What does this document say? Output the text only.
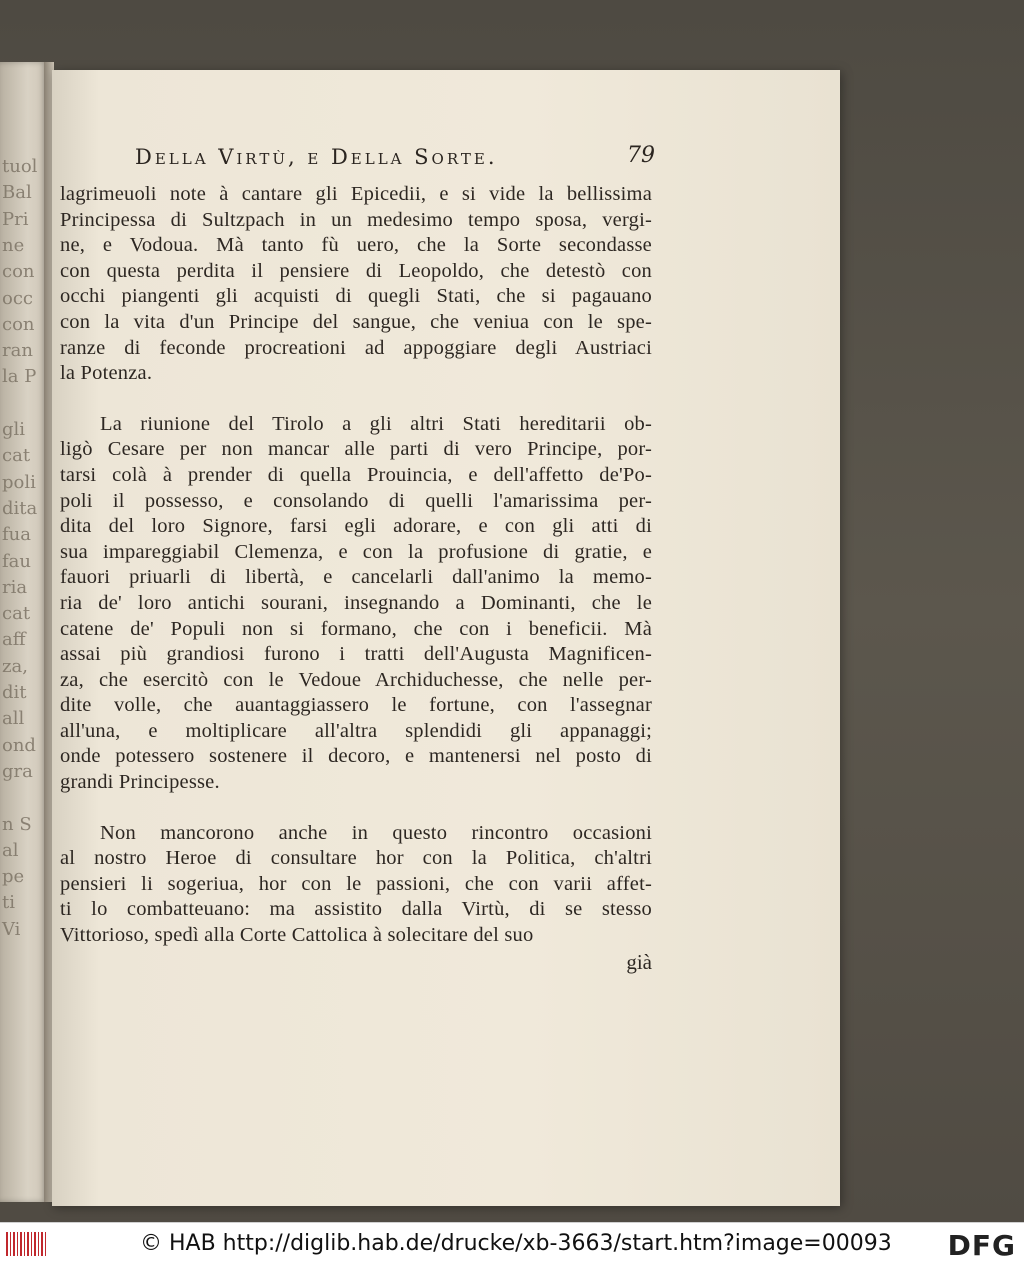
tuol
Bal
Pri
ne
con
occ
con
ran
la P
gli
cat
poli
dita
fua
fau
ria
cat
aff
za,
dit
all
ond
gra
n S
al
pe
ti
Vi
Della Virtù, e Della Sorte.	79
lagrimeuoli note à cantare gli Epicedii, e si vide la bellissima
Principessa di Sultzpach in un medesimo tempo sposa, vergi-
ne, e Vodoua. Mà tanto fù uero, che la Sorte secondasse
con questa perdita il pensiere di Leopoldo, che detestò con
occhi piangenti gli acquisti di quegli Stati, che si pagauano
con la vita d'un Principe del sangue, che veniua con le spe-
ranze di feconde procreationi ad appoggiare degli Austriaci
la Potenza.
La riunione del Tirolo a gli altri Stati hereditarii ob-
ligò Cesare per non mancar alle parti di vero Principe, por-
tarsi colà à prender di quella Prouincia, e dell'affetto de'Po-
poli il possesso, e consolando di quelli l'amarissima per-
dita del loro Signore, farsi egli adorare, e con gli atti di
sua impareggiabil Clemenza, e con la profusione di gratie, e
fauori priuarli di libertà, e cancelarli dall'animo la memo-
ria de' loro antichi sourani, insegnando a Dominanti, che le
catene de' Populi non si formano, che con i beneficii. Mà
assai più grandiosi furono i tratti dell'Augusta Magnificen-
za, che esercitò con le Vedoue Archiduchesse, che nelle per-
dite volle, che auantaggiassero le fortune, con l'assegnar
all'una, e moltiplicare all'altra splendidi gli appanaggi;
onde potessero sostenere il decoro, e mantenersi nel posto di
grandi Principesse.
Non mancorono anche in questo rincontro occasioni
al nostro Heroe di consultare hor con la Politica, ch'altri
pensieri li sogeriua, hor con le passioni, che con varii affet-
ti lo combatteuano: ma assistito dalla Virtù, di se stesso
Vittorioso, spedì alla Corte Cattolica à solecitare del suo
già
© HAB http://diglib.hab.de/drucke/xb-3663/start.htm?image=00093 DFG
